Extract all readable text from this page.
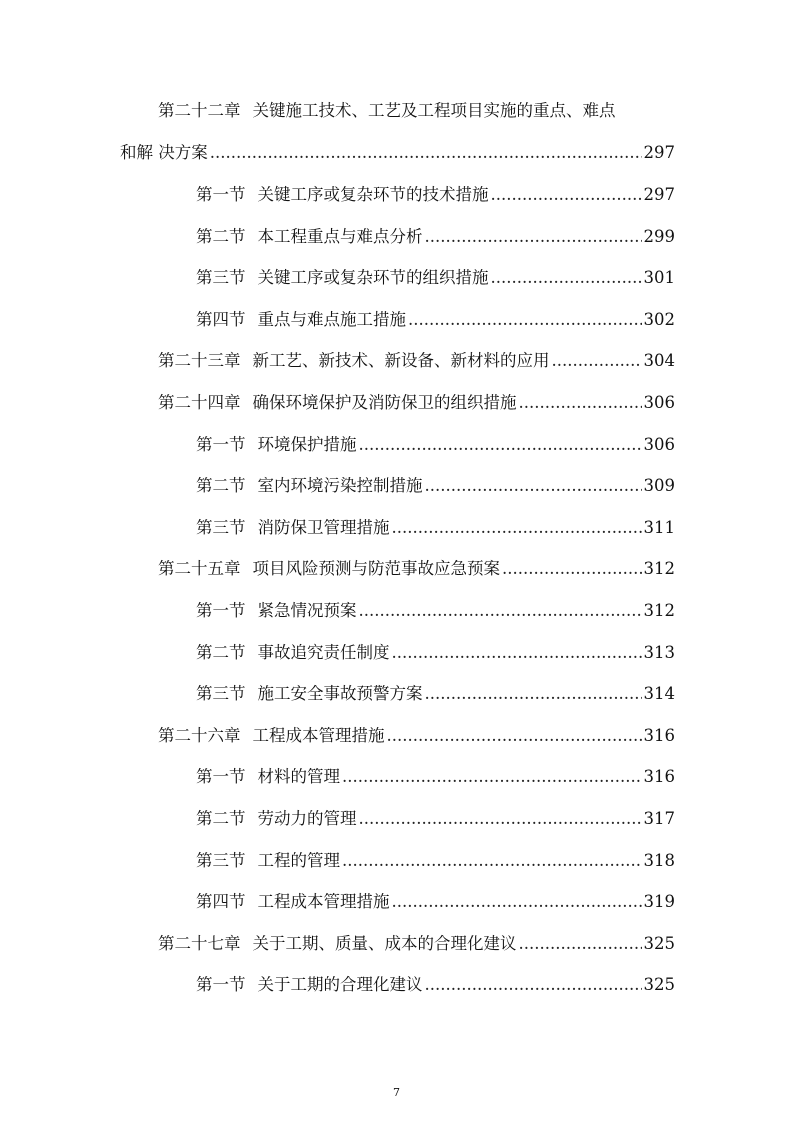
第二十二章 关键施工技术、工艺及工程项目实施的重点、难点
和解 决方案 .....	297
第一节 关键工序或复杂环节的技术措施 .....	297
第二节 本工程重点与难点分析 .....	299
第三节 关键工序或复杂环节的组织措施 .....	301
第四节 重点与难点施工措施 .....	302
第二十三章 新工艺、新技术、新设备、新材料的应用 .....	304
第二十四章 确保环境保护及消防保卫的组织措施 .....	306
第一节 环境保护措施 .....	306
第二节 室内环境污染控制措施 .....	309
第三节 消防保卫管理措施 .....	311
第二十五章 项目风险预测与防范事故应急预案 .....	312
第一节 紧急情况预案 .....	312
第二节 事故追究责任制度 .....	313
第三节 施工安全事故预警方案 .....	314
第二十六章 工程成本管理措施 .....	316
第一节 材料的管理 .....	316
第二节 劳动力的管理 .....	317
第三节 工程的管理 .....	318
第四节 工程成本管理措施 .....	319
第二十七章 关于工期、质量、成本的合理化建议 .....	325
第一节 关于工期的合理化建议 .....	325
7
